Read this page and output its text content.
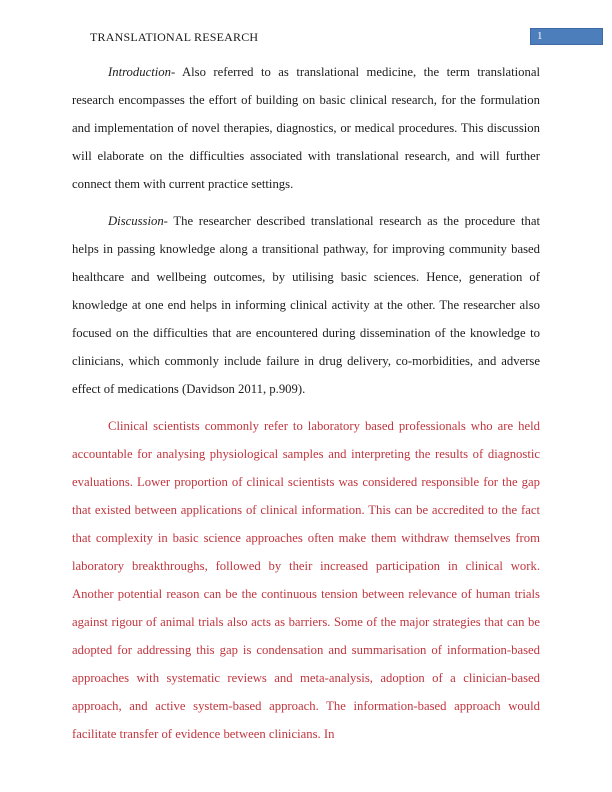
TRANSLATIONAL RESEARCH	1

Introduction- Also referred to as translational medicine, the term translational research encompasses the effort of building on basic clinical research, for the formulation and implementation of novel therapies, diagnostics, or medical procedures. This discussion will elaborate on the difficulties associated with translational research, and will further connect them with current practice settings.

Discussion- The researcher described translational research as the procedure that helps in passing knowledge along a transitional pathway, for improving community based healthcare and wellbeing outcomes, by utilising basic sciences. Hence, generation of knowledge at one end helps in informing clinical activity at the other. The researcher also focused on the difficulties that are encountered during dissemination of the knowledge to clinicians, which commonly include failure in drug delivery, co-morbidities, and adverse effect of medications (Davidson 2011, p.909).

Clinical scientists commonly refer to laboratory based professionals who are held accountable for analysing physiological samples and interpreting the results of diagnostic evaluations. Lower proportion of clinical scientists was considered responsible for the gap that existed between applications of clinical information. This can be accredited to the fact that complexity in basic science approaches often make them withdraw themselves from laboratory breakthroughs, followed by their increased participation in clinical work. Another potential reason can be the continuous tension between relevance of human trials against rigour of animal trials also acts as barriers. Some of the major strategies that can be adopted for addressing this gap is condensation and summarisation of information-based approaches with systematic reviews and meta-analysis, adoption of a clinician-based approach, and active system-based approach. The information-based approach would facilitate transfer of evidence between clinicians. In
